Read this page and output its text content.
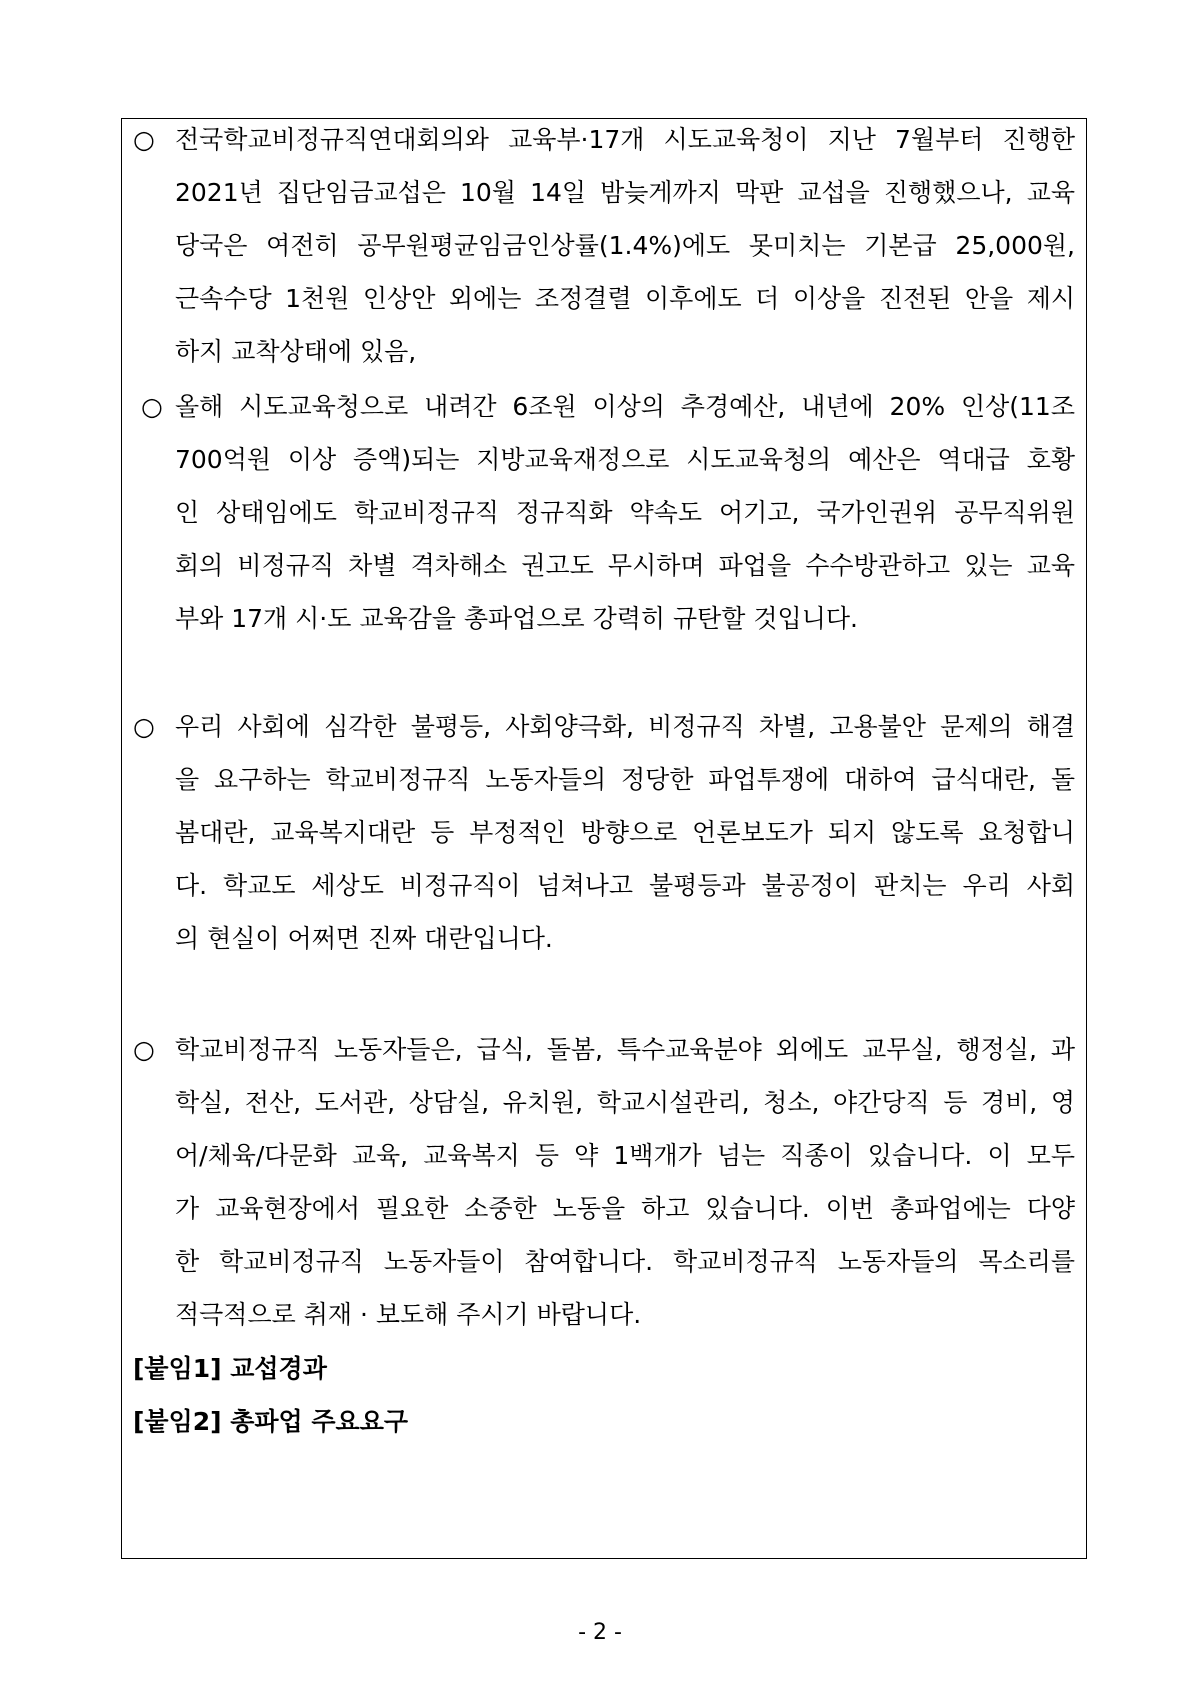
○ 전국학교비정규직연대회의와 교육부·17개 시도교육청이 지난 7월부터 진행한
2021년 집단임금교섭은 10월 14일 밤늦게까지 막판 교섭을 진행했으나, 교육
당국은 여전히 공무원평균임금인상률(1.4%)에도 못미치는 기본급 25,000원,
근속수당 1천원 인상안 외에는 조정결렬 이후에도 더 이상을 진전된 안을 제시
하지 교착상태에 있음,
○ 올해 시도교육청으로 내려간 6조원 이상의 추경예산, 내년에 20% 인상(11조
700억원 이상 증액)되는 지방교육재정으로 시도교육청의 예산은 역대급 호황
인 상태임에도 학교비정규직 정규직화 약속도 어기고, 국가인권위 공무직위원
회의 비정규직 차별 격차해소 권고도 무시하며 파업을 수수방관하고 있는 교육
부와 17개 시·도 교육감을 총파업으로 강력히 규탄할 것입니다.
○ 우리 사회에 심각한 불평등, 사회양극화, 비정규직 차별, 고용불안 문제의 해결
을 요구하는 학교비정규직 노동자들의 정당한 파업투쟁에 대하여 급식대란, 돌
봄대란, 교육복지대란 등 부정적인 방향으로 언론보도가 되지 않도록 요청합니
다. 학교도 세상도 비정규직이 넘쳐나고 불평등과 불공정이 판치는 우리 사회
의 현실이 어쩌면 진짜 대란입니다.
○ 학교비정규직 노동자들은, 급식, 돌봄, 특수교육분야 외에도 교무실, 행정실, 과
학실, 전산, 도서관, 상담실, 유치원, 학교시설관리, 청소, 야간당직 등 경비, 영
어/체육/다문화 교육, 교육복지 등 약 1백개가 넘는 직종이 있습니다. 이 모두
가 교육현장에서 필요한 소중한 노동을 하고 있습니다. 이번 총파업에는 다양
한 학교비정규직 노동자들이 참여합니다. 학교비정규직 노동자들의 목소리를
적극적으로 취재 · 보도해 주시기 바랍니다.
[붙임1] 교섭경과
[붙임2] 총파업 주요요구
- 2 -
